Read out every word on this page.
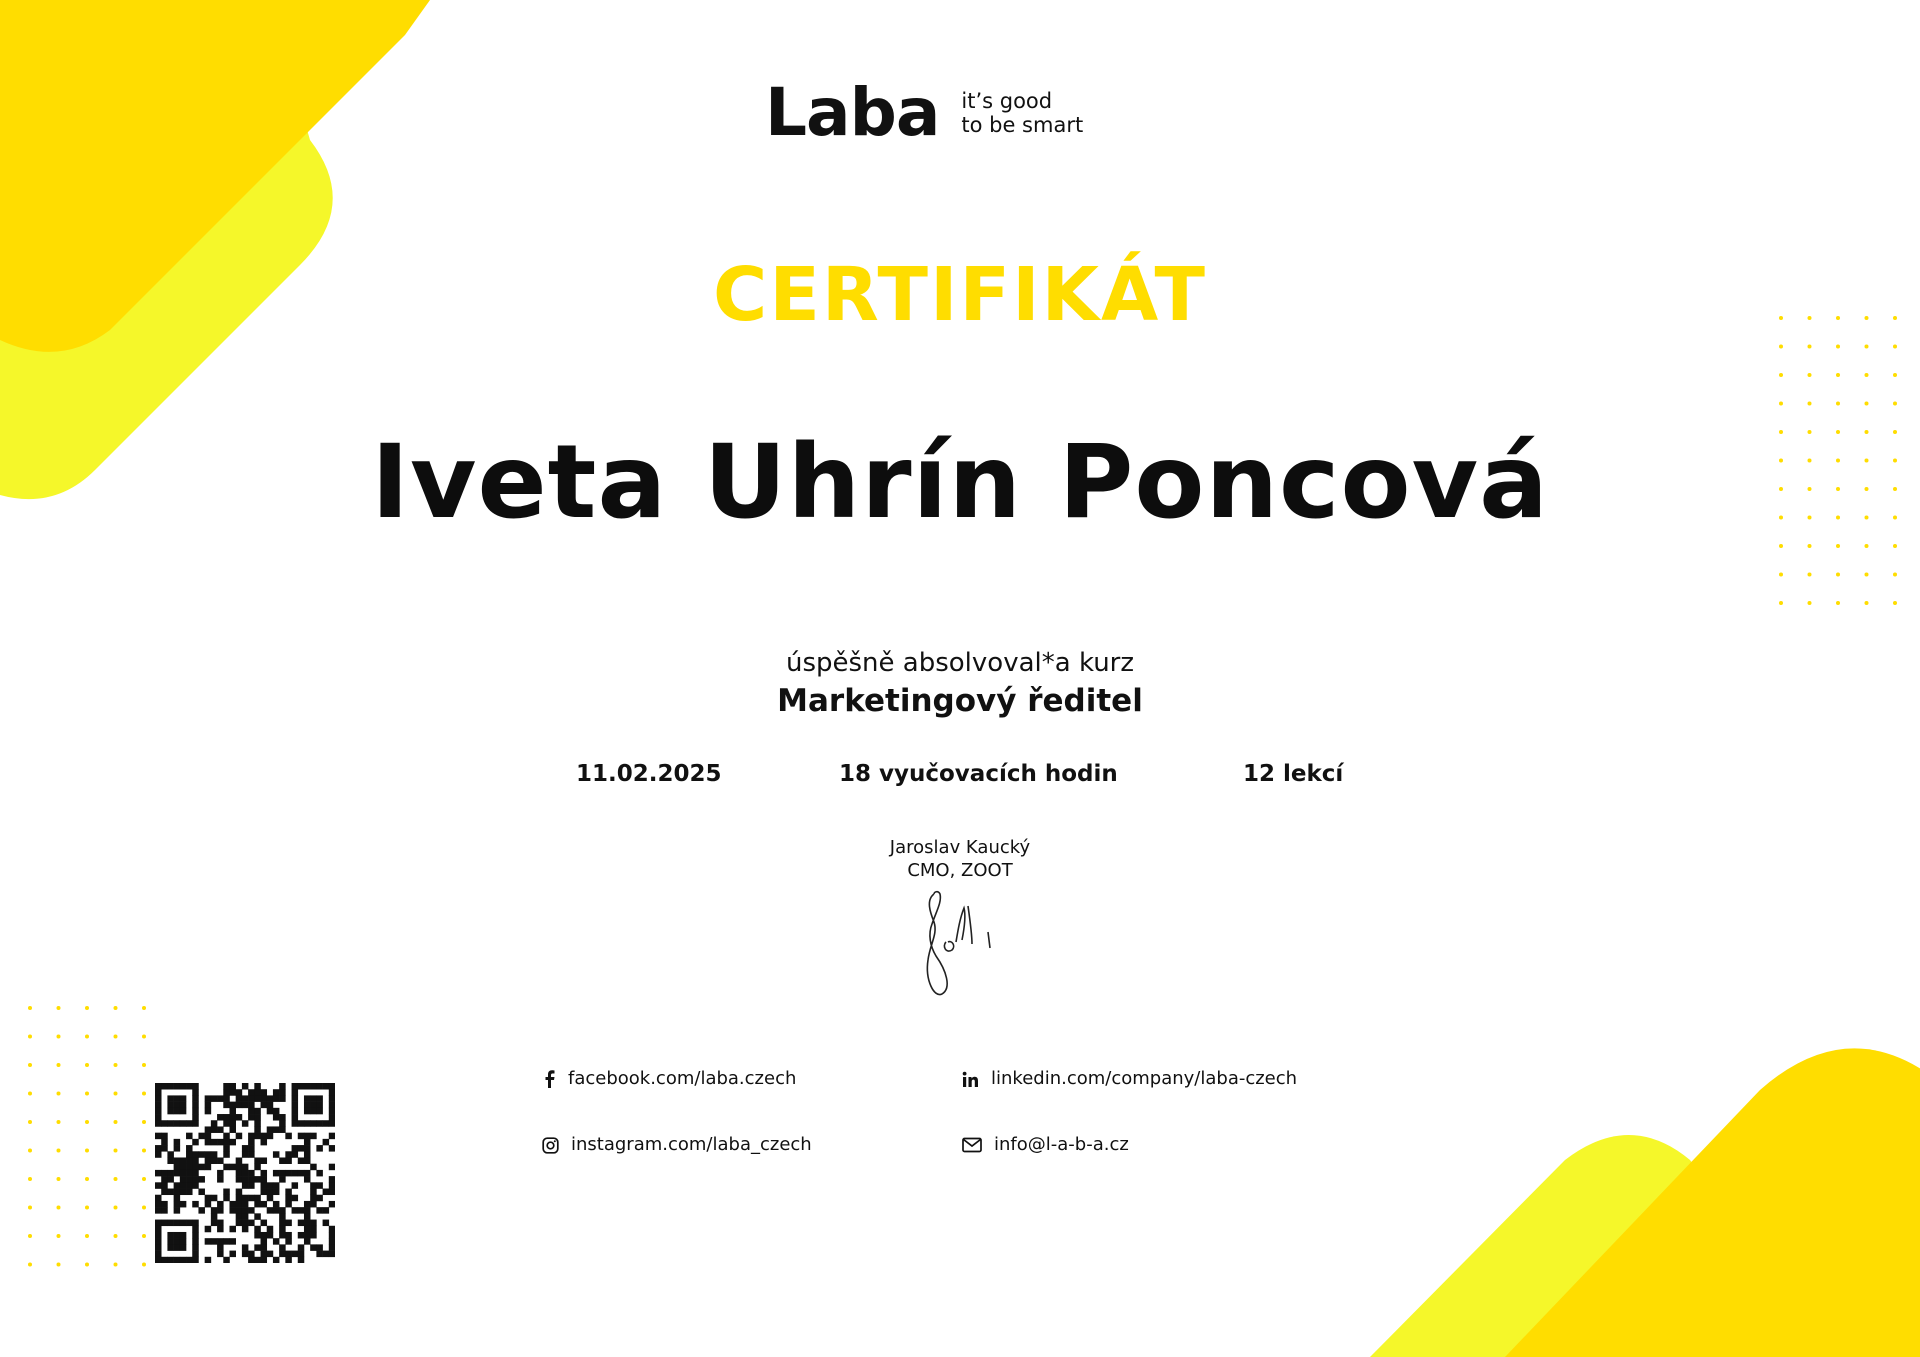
Laba it’s good
to be smart
CERTIFIKÁT
Iveta Uhrín Poncová
úspěšně absolvoval*a kurz
Marketingový ředitel
11.02.2025	18 vyučovacích hodin	12 lekcí
Jaroslav Kaucký
CMO, ZOOT
facebook.com/laba.czech	linkedin.com/company/laba-czech
instagram.com/laba_czech	info@l-a-b-a.cz
